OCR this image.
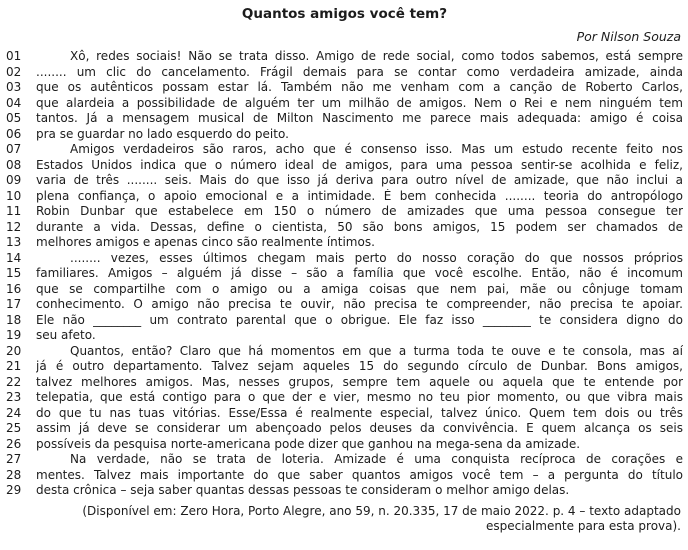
Quantos amigos você tem?
Por Nilson Souza
01	Xô, redes sociais! Não se trata disso. Amigo de rede social, como todos sabemos, está sempre
02	........ um clic do cancelamento. Frágil demais para se contar como verdadeira amizade, ainda
03	que os autênticos possam estar lá. Também não me venham com a canção de Roberto Carlos,
04	que alardeia a possibilidade de alguém ter um milhão de amigos. Nem o Rei e nem ninguém tem
05	tantos. Já a mensagem musical de Milton Nascimento me parece mais adequada: amigo é coisa
06	pra se guardar no lado esquerdo do peito.
07	Amigos verdadeiros são raros, acho que é consenso isso. Mas um estudo recente feito nos
08	Estados Unidos indica que o número ideal de amigos, para uma pessoa sentir-se acolhida e feliz,
09	varia de três ........ seis. Mais do que isso já deriva para outro nível de amizade, que não inclui a
10	plena confiança, o apoio emocional e a intimidade. É bem conhecida ........ teoria do antropólogo
11	Robin Dunbar que estabelece em 150 o número de amizades que uma pessoa consegue ter
12	durante a vida. Dessas, define o cientista, 50 são bons amigos, 15 podem ser chamados de
13	melhores amigos e apenas cinco são realmente íntimos.
14	........ vezes, esses últimos chegam mais perto do nosso coração do que nossos próprios
15	familiares. Amigos – alguém já disse – são a família que você escolhe. Então, não é incomum
16	que se compartilhe com o amigo ou a amiga coisas que nem pai, mãe ou cônjuge tomam
17	conhecimento. O amigo não precisa te ouvir, não precisa te compreender, não precisa te apoiar.
18	Ele não ________ um contrato parental que o obrigue. Ele faz isso ________ te considera digno do
19	seu afeto.
20	Quantos, então? Claro que há momentos em que a turma toda te ouve e te consola, mas aí
21	já é outro departamento. Talvez sejam aqueles 15 do segundo círculo de Dunbar. Bons amigos,
22	talvez melhores amigos. Mas, nesses grupos, sempre tem aquele ou aquela que te entende por
23	telepatia, que está contigo para o que der e vier, mesmo no teu pior momento, ou que vibra mais
24	do que tu nas tuas vitórias. Esse/Essa é realmente especial, talvez único. Quem tem dois ou três
25	assim já deve se considerar um abençoado pelos deuses da convivência. E quem alcança os seis
26	possíveis da pesquisa norte-americana pode dizer que ganhou na mega-sena da amizade.
27	Na verdade, não se trata de loteria. Amizade é uma conquista recíproca de corações e
28	mentes. Talvez mais importante do que saber quantos amigos você tem – a pergunta do título
29	desta crônica – seja saber quantas dessas pessoas te consideram o melhor amigo delas.
(Disponível em: Zero Hora, Porto Alegre, ano 59, n. 20.335, 17 de maio 2022. p. 4 – texto adaptado
especialmente para esta prova).
